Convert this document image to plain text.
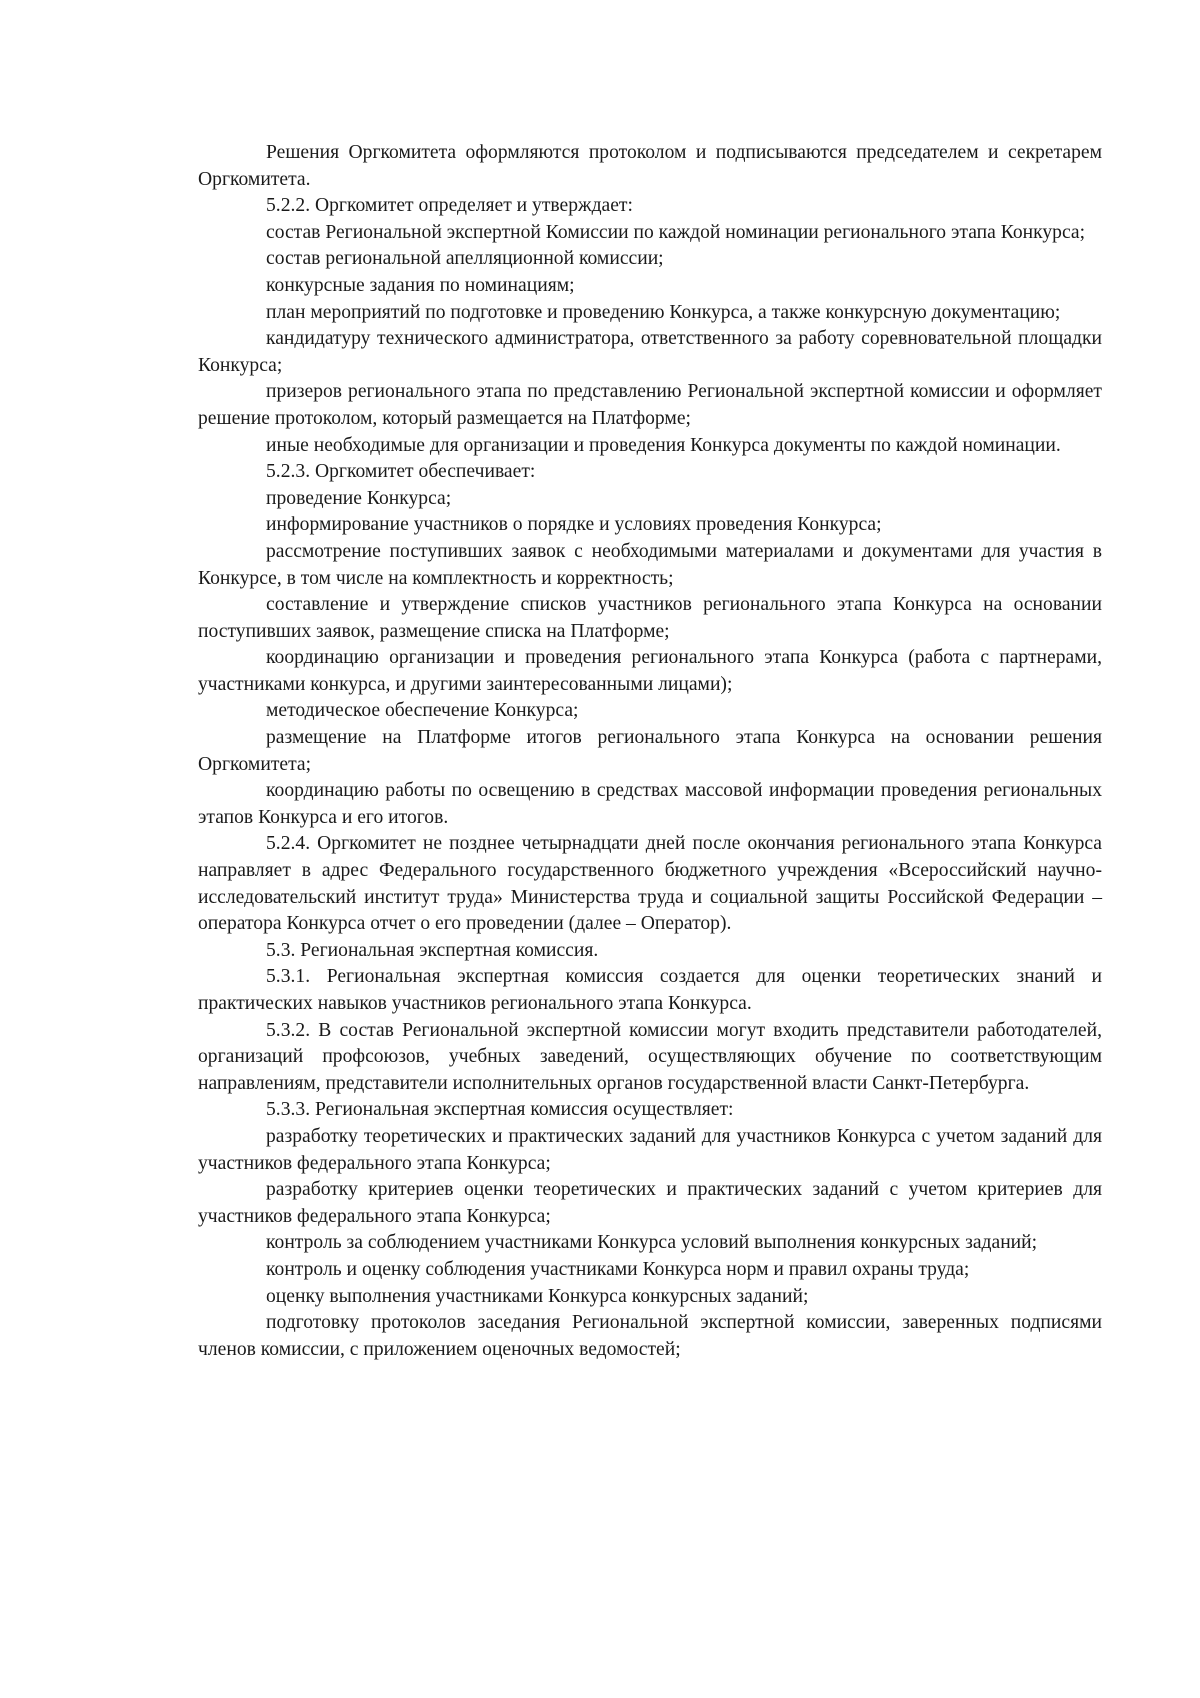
Решения Оргкомитета оформляются протоколом и подписываются председателем и секретарем Оргкомитета.

5.2.2. Оргкомитет определяет и утверждает:

состав Региональной экспертной Комиссии по каждой номинации регионального этапа Конкурса;

состав региональной апелляционной комиссии;

конкурсные задания по номинациям;

план мероприятий по подготовке и проведению Конкурса, а также конкурсную документацию;

кандидатуру технического администратора, ответственного за работу соревновательной площадки Конкурса;

призеров регионального этапа по представлению Региональной экспертной комиссии и оформляет решение протоколом, который размещается на Платформе;

иные необходимые для организации и проведения Конкурса документы по каждой номинации.

5.2.3. Оргкомитет обеспечивает:

проведение Конкурса;

информирование участников о порядке и условиях проведения Конкурса;

рассмотрение поступивших заявок с необходимыми материалами и документами для участия в Конкурсе, в том числе на комплектность и корректность;

составление и утверждение списков участников регионального этапа Конкурса на основании поступивших заявок, размещение списка на Платформе;

координацию организации и проведения регионального этапа Конкурса (работа с партнерами, участниками конкурса, и другими заинтересованными лицами);

методическое обеспечение Конкурса;

размещение на Платформе итогов регионального этапа Конкурса на основании решения Оргкомитета;

координацию работы по освещению в средствах массовой информации проведения региональных этапов Конкурса и его итогов.

5.2.4. Оргкомитет не позднее четырнадцати дней после окончания регионального этапа Конкурса направляет в адрес Федерального государственного бюджетного учреждения «Всероссийский научно-исследовательский институт труда» Министерства труда и социальной защиты Российской Федерации – оператора Конкурса отчет о его проведении (далее – Оператор).

5.3. Региональная экспертная комиссия.

5.3.1. Региональная экспертная комиссия создается для оценки теоретических знаний и практических навыков участников регионального этапа Конкурса.

5.3.2. В состав Региональной экспертной комиссии могут входить представители работодателей, организаций профсоюзов, учебных заведений, осуществляющих обучение по соответствующим направлениям, представители исполнительных органов государственной власти Санкт-Петербурга.

5.3.3. Региональная экспертная комиссия осуществляет:

разработку теоретических и практических заданий для участников Конкурса с учетом заданий для участников федерального этапа Конкурса;

разработку критериев оценки теоретических и практических заданий с учетом критериев для участников федерального этапа Конкурса;

контроль за соблюдением участниками Конкурса условий выполнения конкурсных заданий;

контроль и оценку соблюдения участниками Конкурса норм и правил охраны труда;

оценку выполнения участниками Конкурса конкурсных заданий;

подготовку протоколов заседания Региональной экспертной комиссии, заверенных подписями членов комиссии, с приложением оценочных ведомостей;
